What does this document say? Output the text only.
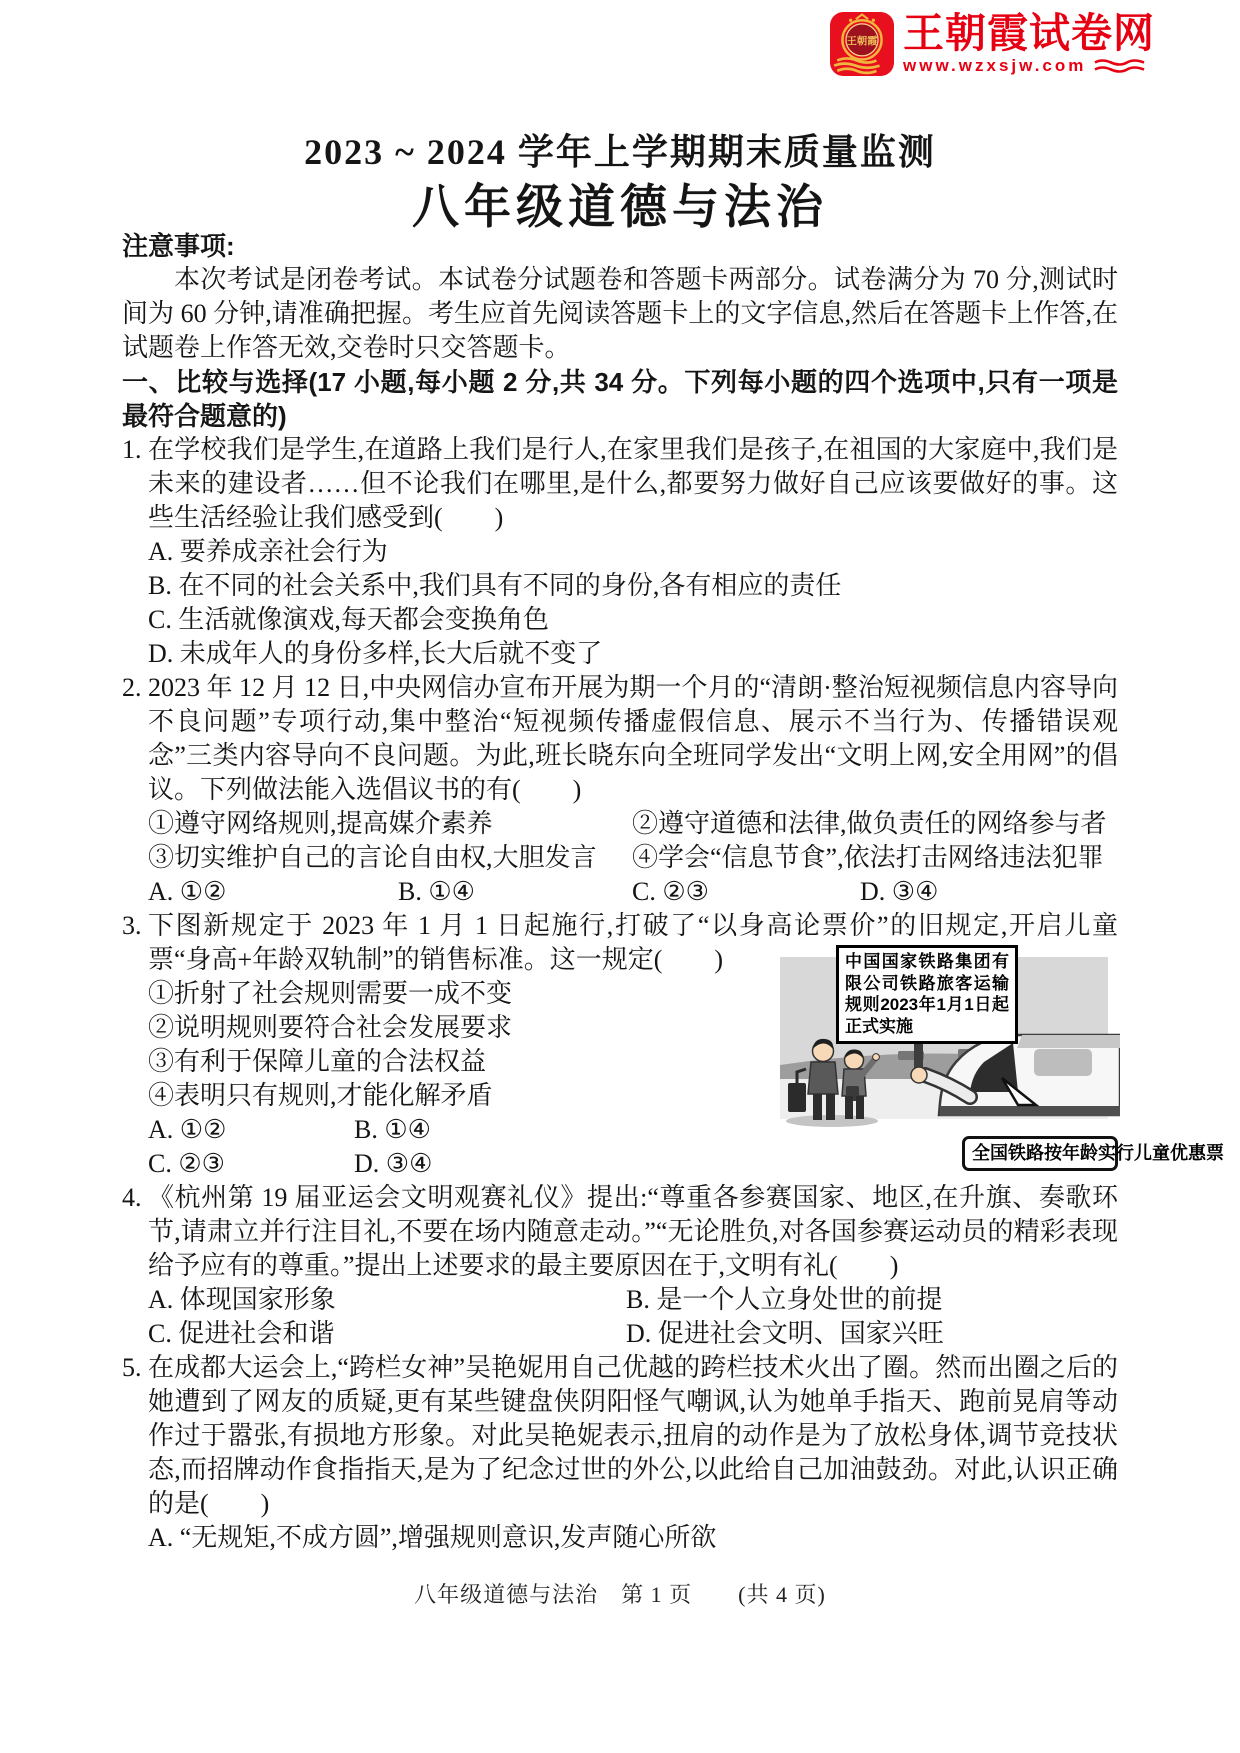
王朝霞 王朝霞试卷网
www.wzxsjw.com
2023 ~ 2024 学年上学期期末质量监测
八年级道德与法治
注意事项:

本次考试是闭卷考试。本试卷分试题卷和答题卡两部分。试卷满分为 70 分,测试时间为 60 分钟,请准确把握。考生应首先阅读答题卡上的文字信息,然后在答题卡上作答,在试题卷上作答无效,交卷时只交答题卡。

一、比较与选择(17 小题,每小题 2 分,共 34 分。下列每小题的四个选项中,只有一项是最符合题意的)
1. 在学校我们是学生,在道路上我们是行人,在家里我们是孩子,在祖国的大家庭中,我们是未来的建设者……但不论我们在哪里,是什么,都要努力做好自己应该要做好的事。这些生活经验让我们感受到(　　)

A. 要养成亲社会行为
B. 在不同的社会关系中,我们具有不同的身份,各有相应的责任
C. 生活就像演戏,每天都会变换角色
D. 未成年人的身份多样,长大后就不变了
2. 2023 年 12 月 12 日,中央网信办宣布开展为期一个月的“清朗·整治短视频信息内容导向不良问题”专项行动,集中整治“短视频传播虚假信息、展示不当行为、传播错误观念”三类内容导向不良问题。为此,班长晓东向全班同学发出“文明上网,安全用网”的倡议。下列做法能入选倡议书的有(　　)

①遵守网络规则,提高媒介素养	②遵守道德和法律,做负责任的网络参与者
③切实维护自己的言论自由权,大胆发言	④学会“信息节食”,依法打击网络违法犯罪
A. ①②	B. ①④	C. ②③	D. ③④
3. 下图新规定于 2023 年 1 月 1 日起施行,打破了“以身高论票价”的旧规定,开启儿童票“身高+年龄双轨制”的销售标准。这一规定(　　)

①折射了社会规则需要一成不变
②说明规则要符合社会发展要求
③有利于保障儿童的合法权益
④表明只有规则,才能化解矛盾
A. ①②	B. ①④
C. ②③	D. ③④
中国国家铁路集团有限公司铁路旅客运输规则2023年1月1日起正式实施
全国铁路按年龄实行儿童优惠票
4. 《杭州第 19 届亚运会文明观赛礼仪》提出:“尊重各参赛国家、地区,在升旗、奏歌环节,请肃立并行注目礼,不要在场内随意走动。”“无论胜负,对各国参赛运动员的精彩表现给予应有的尊重。”提出上述要求的最主要原因在于,文明有礼(　　)

A. 体现国家形象	B. 是一个人立身处世的前提
C. 促进社会和谐	D. 促进社会文明、国家兴旺
5. 在成都大运会上,“跨栏女神”吴艳妮用自己优越的跨栏技术火出了圈。然而出圈之后的她遭到了网友的质疑,更有某些键盘侠阴阳怪气嘲讽,认为她单手指天、跑前晃肩等动作过于嚣张,有损地方形象。对此吴艳妮表示,扭肩的动作是为了放松身体,调节竞技状态,而招牌动作食指指天,是为了纪念过世的外公,以此给自己加油鼓劲。对此,认识正确的是(　　)

A. “无规矩,不成方圆”,增强规则意识,发声随心所欲
八年级道德与法治　第 1 页　　(共 4 页)
